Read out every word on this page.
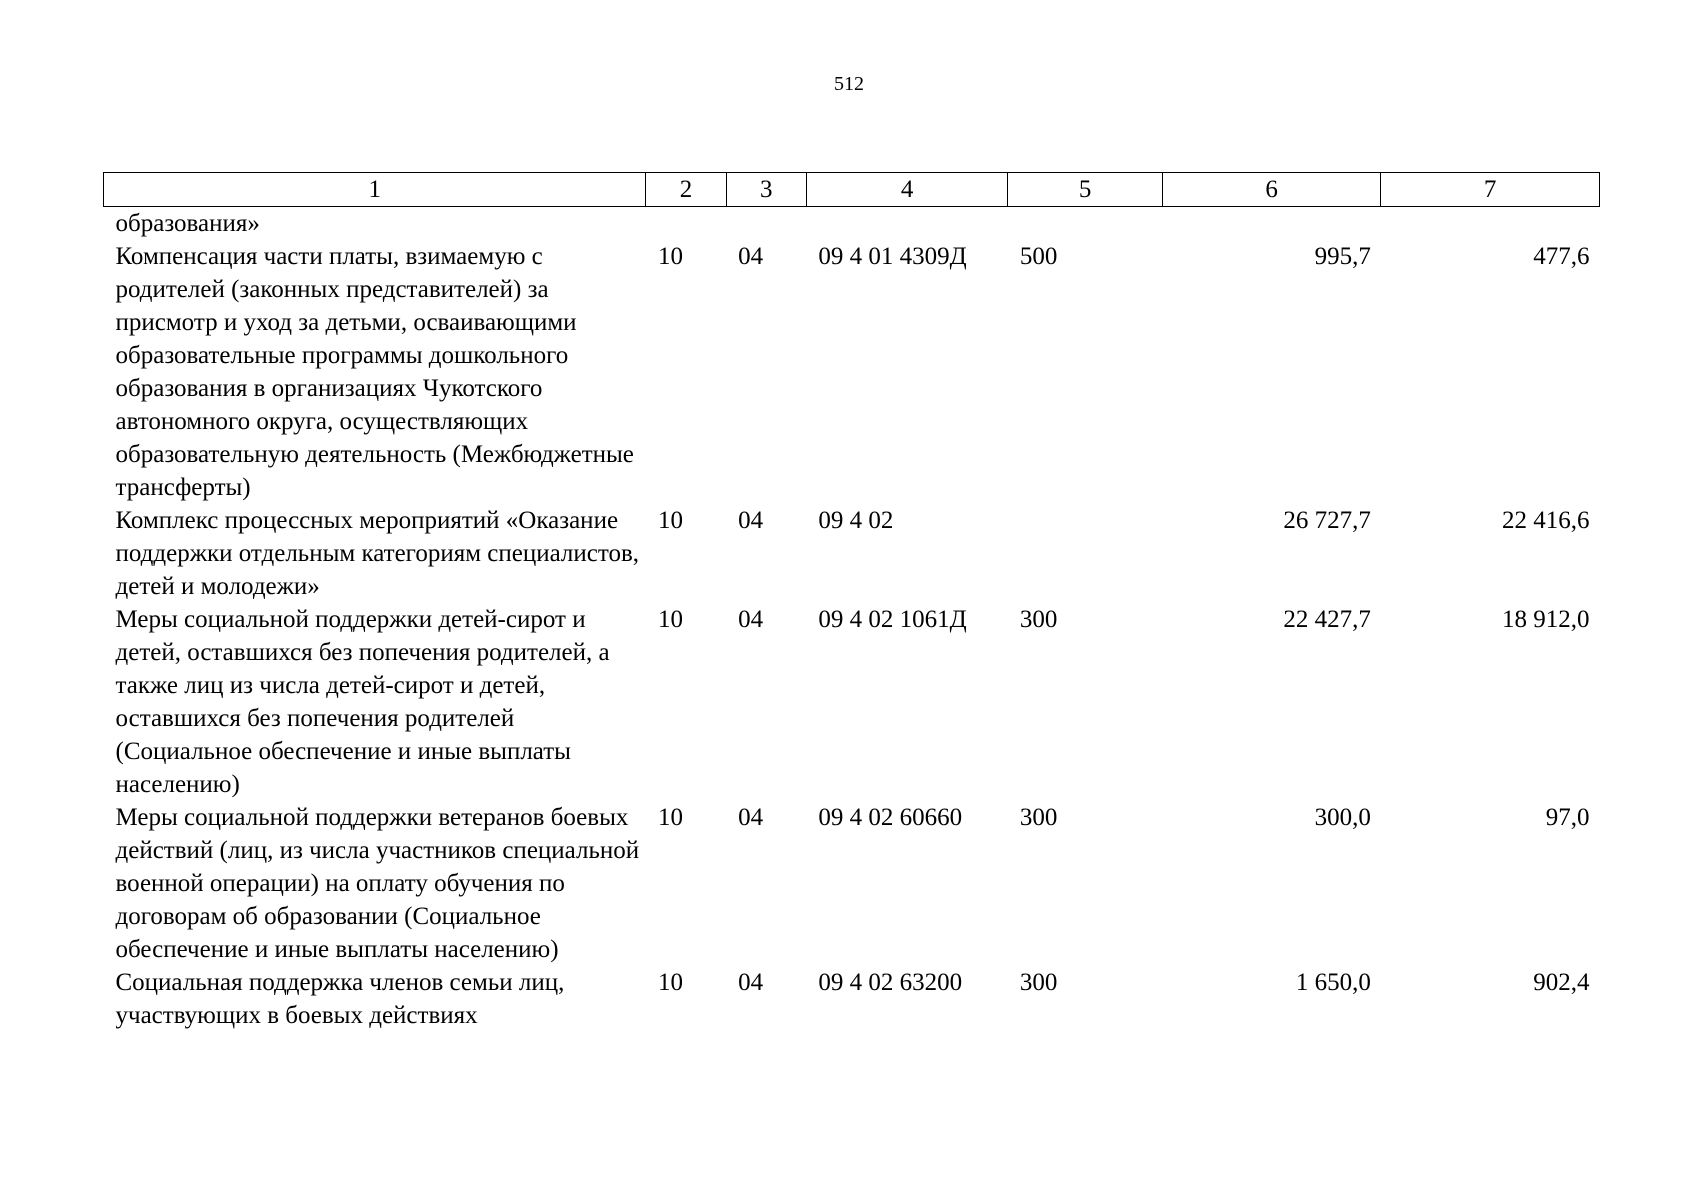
512
1	2	3	4	5	6	7
образования»						
Компенсация части платы, взимаемую с родителей (законных представителей) за присмотр и уход за детьми, осваивающими образовательные программы дошкольного образования в организациях Чукотского автономного округа, осуществляющих образовательную деятельность (Межбюджетные трансферты)	10	04	09 4 01 4309Д	500	995,7	477,6
Комплекс процессных мероприятий «Оказание поддержки отдельным категориям специалистов, детей и молодежи»	10	04	09 4 02		26 727,7	22 416,6
Меры социальной поддержки детей-сирот и детей, оставшихся без попечения родителей, а также лиц из числа детей-сирот и детей, оставшихся без попечения родителей (Социальное обеспечение и иные выплаты населению)	10	04	09 4 02 1061Д	300	22 427,7	18 912,0
Меры социальной поддержки ветеранов боевых действий (лиц, из числа участников специальной военной операции) на оплату обучения по договорам об образовании (Социальное обеспечение и иные выплаты населению)	10	04	09 4 02 60660	300	300,0	97,0
Социальная поддержка членов семьи лиц, участвующих в боевых действиях	10	04	09 4 02 63200	300	1 650,0	902,4
